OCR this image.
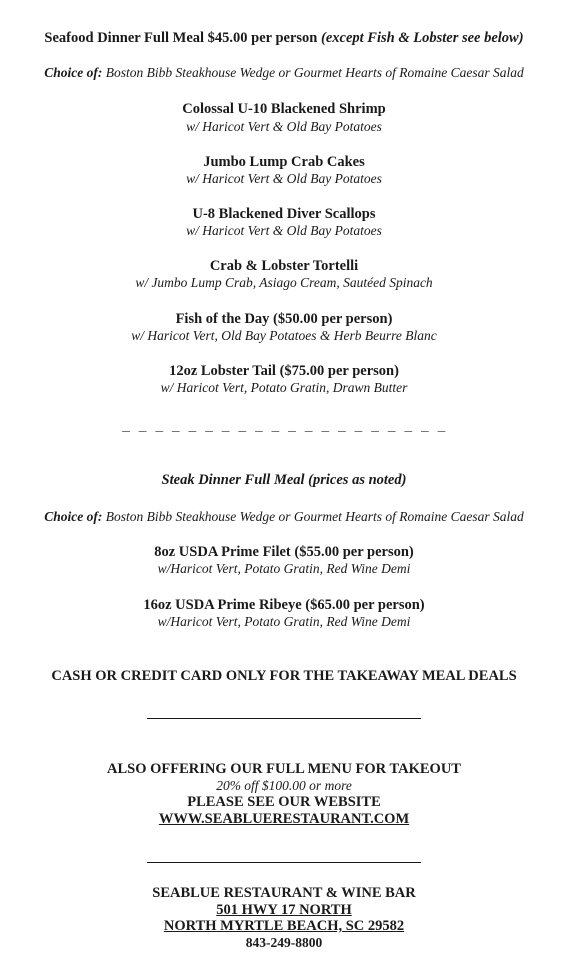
Seafood Dinner Full Meal $45.00 per person (except Fish & Lobster see below)
Choice of: Boston Bibb Steakhouse Wedge or Gourmet Hearts of Romaine Caesar Salad
Colossal U-10 Blackened Shrimp
w/ Haricot Vert & Old Bay Potatoes
Jumbo Lump Crab Cakes
w/ Haricot Vert & Old Bay Potatoes
U-8 Blackened Diver Scallops
w/ Haricot Vert & Old Bay Potatoes
Crab & Lobster Tortelli
w/ Jumbo Lump Crab, Asiago Cream, Sautéed Spinach
Fish of the Day ($50.00 per person)
w/ Haricot Vert, Old Bay Potatoes & Herb Beurre Blanc
12oz Lobster Tail ($75.00 per person)
w/ Haricot Vert, Potato Gratin, Drawn Butter
_ _ _ _ _ _ _ _ _ _ _ _ _ _ _ _ _ _ _ _
Steak Dinner Full Meal (prices as noted)
Choice of: Boston Bibb Steakhouse Wedge or Gourmet Hearts of Romaine Caesar Salad
8oz USDA Prime Filet ($55.00 per person)
w/Haricot Vert, Potato Gratin, Red Wine Demi
16oz USDA Prime Ribeye ($65.00 per person)
w/Haricot Vert, Potato Gratin, Red Wine Demi
CASH OR CREDIT CARD ONLY FOR THE TAKEAWAY MEAL DEALS
ALSO OFFERING OUR FULL MENU FOR TAKEOUT
20% off $100.00 or more
PLEASE SEE OUR WEBSITE
WWW.SEABLUERESTAURANT.COM
SEABLUE RESTAURANT & WINE BAR
501 HWY 17 NORTH
NORTH MYRTLE BEACH, SC 29582
843-249-8800
